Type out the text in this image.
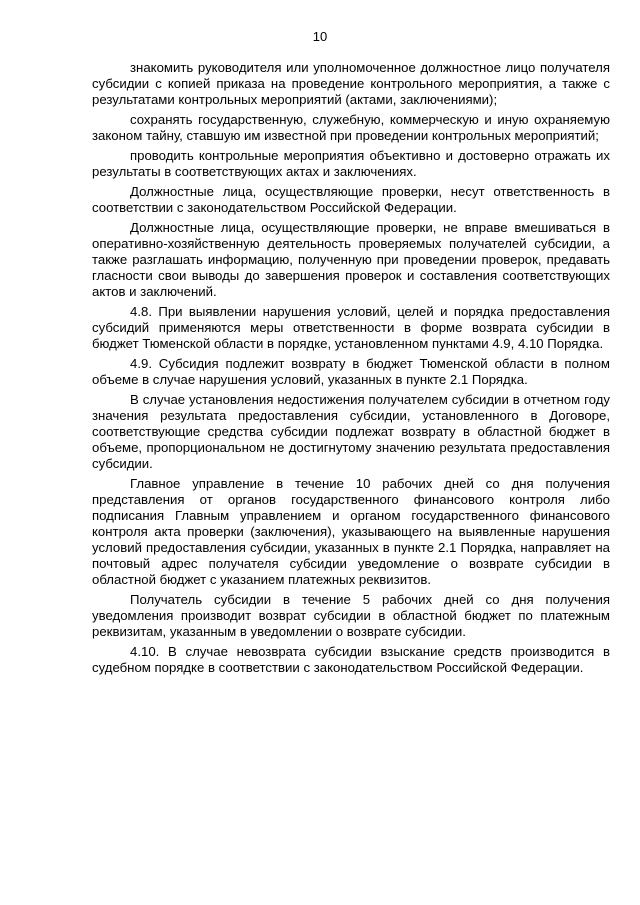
10

знакомить руководителя или уполномоченное должностное лицо получателя субсидии с копией приказа на проведение контрольного мероприятия, а также с результатами контрольных мероприятий (актами, заключениями);

сохранять государственную, служебную, коммерческую и иную охраняемую законом тайну, ставшую им известной при проведении контрольных мероприятий;

проводить контрольные мероприятия объективно и достоверно отражать их результаты в соответствующих актах и заключениях.

Должностные лица, осуществляющие проверки, несут ответственность в соответствии с законодательством Российской Федерации.

Должностные лица, осуществляющие проверки, не вправе вмешиваться в оперативно-хозяйственную деятельность проверяемых получателей субсидии, а также разглашать информацию, полученную при проведении проверок, предавать гласности свои выводы до завершения проверок и составления соответствующих актов и заключений.

4.8. При выявлении нарушения условий, целей и порядка предоставления субсидий применяются меры ответственности в форме возврата субсидии в бюджет Тюменской области в порядке, установленном пунктами 4.9, 4.10 Порядка.

4.9. Субсидия подлежит возврату в бюджет Тюменской области в полном объеме в случае нарушения условий, указанных в пункте 2.1 Порядка.

В случае установления недостижения получателем субсидии в отчетном году значения результата предоставления субсидии, установленного в Договоре, соответствующие средства субсидии подлежат возврату в областной бюджет в объеме, пропорциональном не достигнутому значению результата предоставления субсидии.

Главное управление в течение 10 рабочих дней со дня получения представления от органов государственного финансового контроля либо подписания Главным управлением и органом государственного финансового контроля акта проверки (заключения), указывающего на выявленные нарушения условий предоставления субсидии, указанных в пункте 2.1 Порядка, направляет на почтовый адрес получателя субсидии уведомление о возврате субсидии в областной бюджет с указанием платежных реквизитов.

Получатель субсидии в течение 5 рабочих дней со дня получения уведомления производит возврат субсидии в областной бюджет по платежным реквизитам, указанным в уведомлении о возврате субсидии.

4.10. В случае невозврата субсидии взыскание средств производится в судебном порядке в соответствии с законодательством Российской Федерации.
